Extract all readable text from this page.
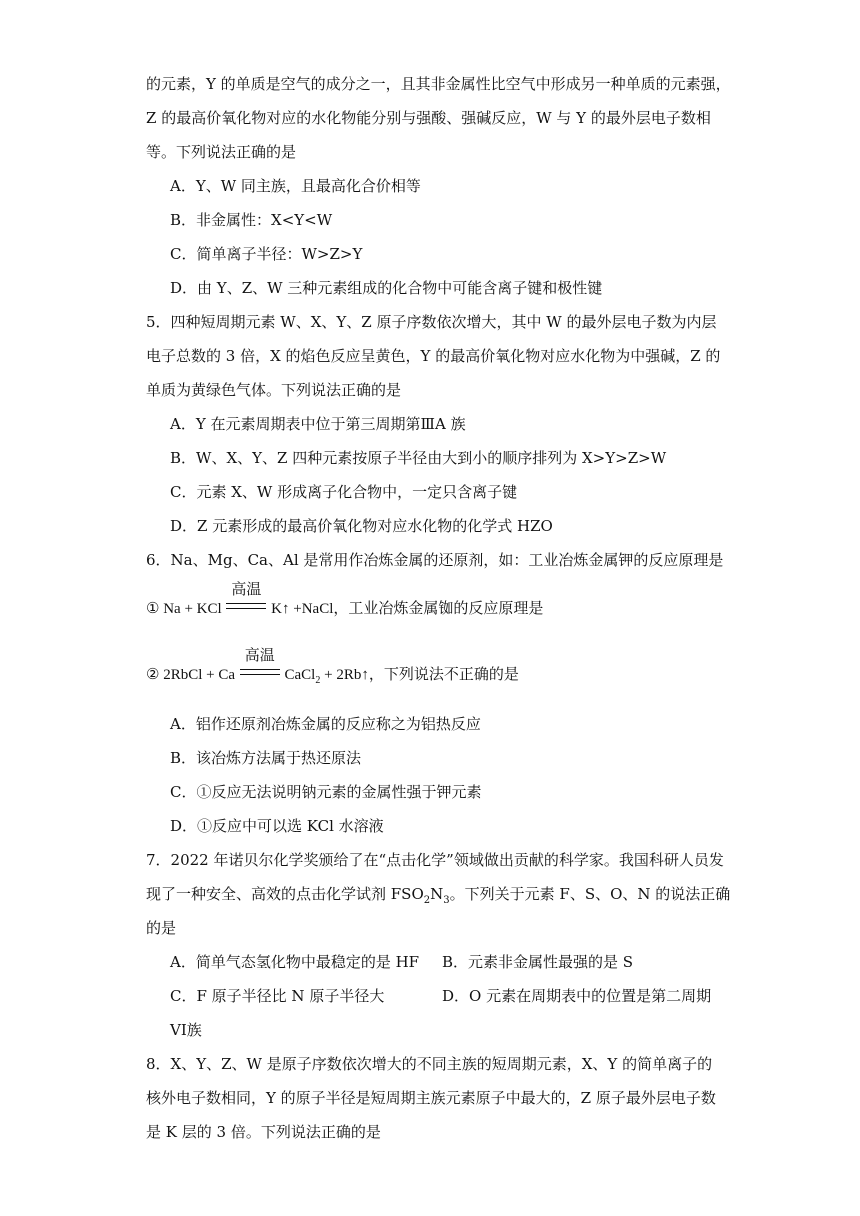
的元素，Y 的单质是空气的成分之一，且其非金属性比空气中形成另一种单质的元素强，
Z 的最高价氧化物对应的水化物能分别与强酸、强碱反应，W 与 Y 的最外层电子数相
等。下列说法正确的是
A．Y、W 同主族，且最高化合价相等
B．非金属性：X<Y<W
C．简单离子半径：W>Z>Y
D．由 Y、Z、W 三种元素组成的化合物中可能含离子键和极性键
5．四种短周期元素 W、X、Y、Z 原子序数依次增大，其中 W 的最外层电子数为内层
电子总数的 3 倍，X 的焰色反应呈黄色，Y 的最高价氧化物对应水化物为中强碱，Z 的
单质为黄绿色气体。下列说法正确的是
A．Y 在元素周期表中位于第三周期第ⅢA 族
B．W、X、Y、Z 四种元素按原子半径由大到小的顺序排列为 X>Y>Z>W
C．元素 X、W 形成离子化合物中，一定只含离子键
D．Z 元素形成的最高价氧化物对应水化物的化学式 HZO
6．Na、Mg、Ca、Al 是常用作冶炼金属的还原剂，如：工业冶炼金属钾的反应原理是
① Na + KCl
高温
K↑ +NaCl，工业冶炼金属铷的反应原理是
② 2RbCl + Ca
高温
CaCl$_2$ + 2Rb↑，下列说法不正确的是
A．铝作还原剂冶炼金属的反应称之为铝热反应
B．该冶炼方法属于热还原法
C．①反应无法说明钠元素的金属性强于钾元素
D．①反应中可以选 KCl 水溶液
7．2022 年诺贝尔化学奖颁给了在“点击化学”领域做出贡献的科学家。我国科研人员发
现了一种安全、高效的点击化学试剂 $FSO_2N_3$。下列关于元素 F、S、O、N 的说法正确
的是
A．简单气态氢化物中最稳定的是 HF B．元素非金属性最强的是 S
C．F 原子半径比 N 原子半径大	D．O 元素在周期表中的位置是第二周期
VI族
8．X、Y、Z、W 是原子序数依次增大的不同主族的短周期元素，X、Y 的简单离子的
核外电子数相同，Y 的原子半径是短周期主族元素原子中最大的，Z 原子最外层电子数
是 K 层的 3 倍。下列说法正确的是
